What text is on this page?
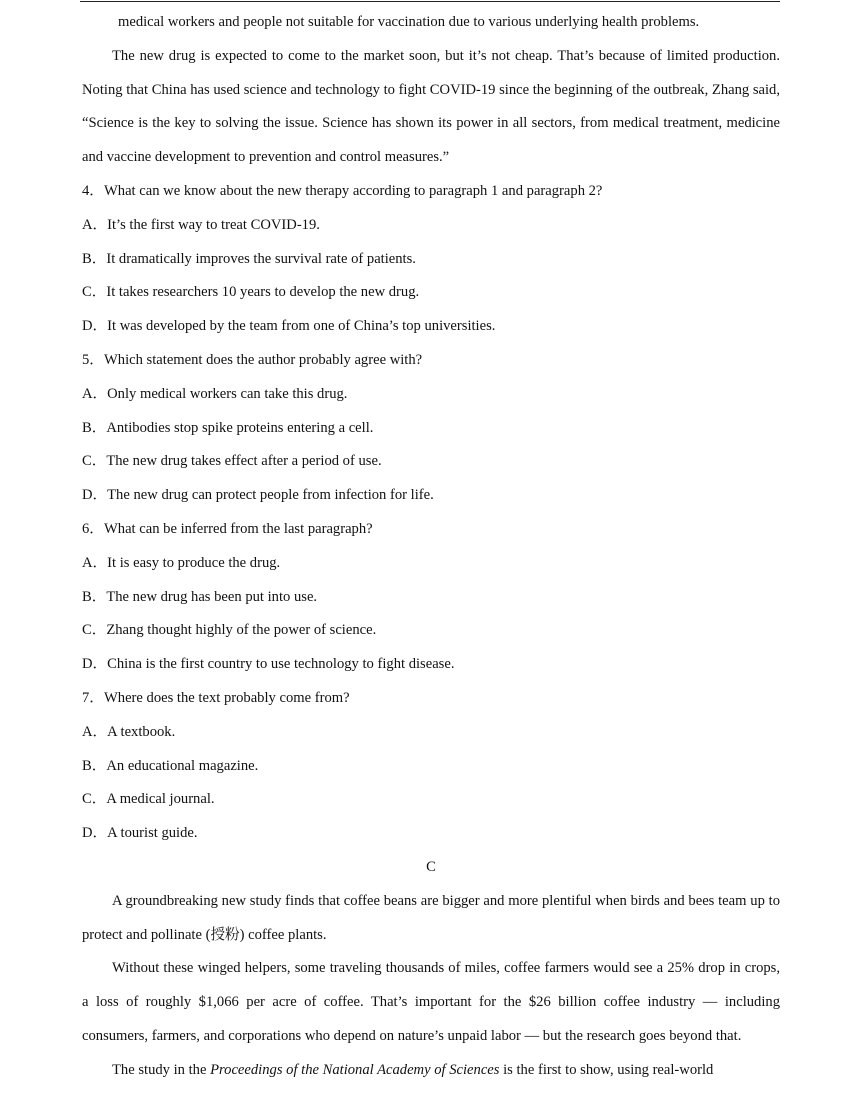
medical workers and people not suitable for vaccination due to various underlying health problems.

The new drug is expected to come to the market soon, but it’s not cheap. That’s because of limited production. Noting that China has used science and technology to fight COVID-19 since the beginning of the outbreak, Zhang said, “Science is the key to solving the issue. Science has shown its power in all sectors, from medical treatment, medicine and vaccine development to prevention and control measures.”

4．What can we know about the new therapy according to paragraph 1 and paragraph 2?

A．It’s the first way to treat COVID-19.

B．It dramatically improves the survival rate of patients.

C．It takes researchers 10 years to develop the new drug.

D．It was developed by the team from one of China’s top universities.

5．Which statement does the author probably agree with?

A．Only medical workers can take this drug.

B．Antibodies stop spike proteins entering a cell.

C．The new drug takes effect after a period of use.

D．The new drug can protect people from infection for life.

6．What can be inferred from the last paragraph?

A．It is easy to produce the drug.

B．The new drug has been put into use.

C．Zhang thought highly of the power of science.

D．China is the first country to use technology to fight disease.

7．Where does the text probably come from?

A．A textbook.

B．An educational magazine.

C．A medical journal.

D．A tourist guide.

C

A groundbreaking new study finds that coffee beans are bigger and more plentiful when birds and bees team up to protect and pollinate (授粉) coffee plants.

Without these winged helpers, some traveling thousands of miles, coffee farmers would see a 25% drop in crops, a loss of roughly $1,066 per acre of coffee. That’s important for the $26 billion coffee industry — including consumers, farmers, and corporations who depend on nature’s unpaid labor — but the research goes beyond that.

The study in the Proceedings of the National Academy of Sciences is the first to show, using real-world
